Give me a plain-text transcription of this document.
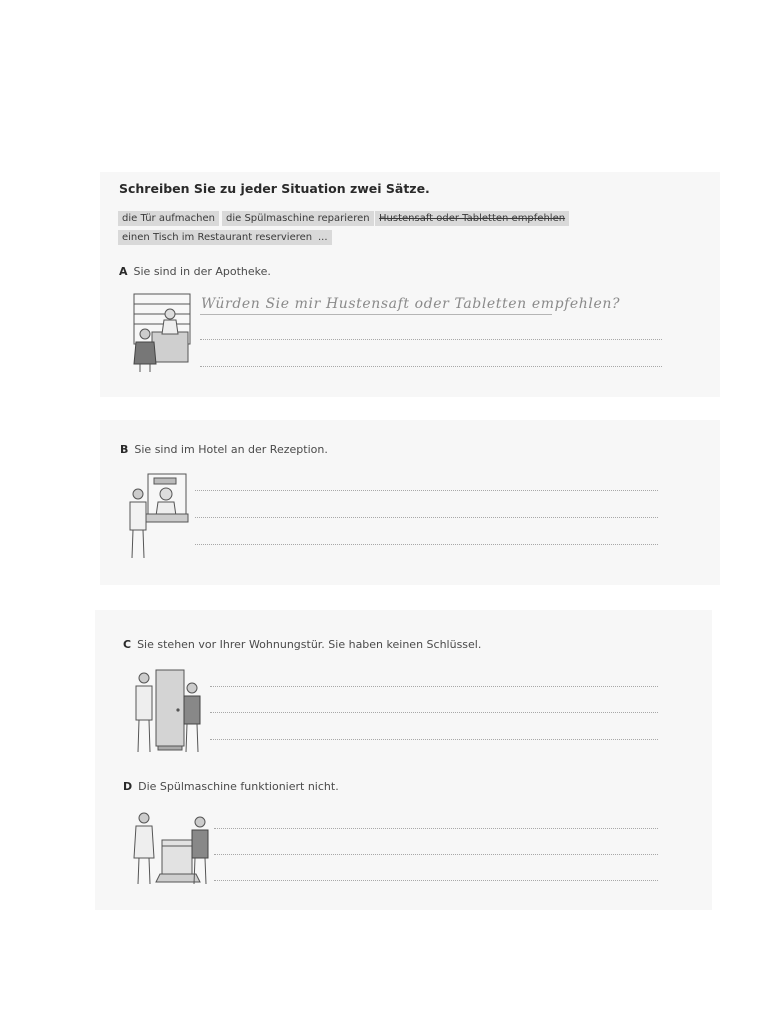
Schreiben Sie zu jeder Situation zwei Sätze.
die Tür aufmachen	die Spülmaschine reparieren Hustensaft oder Tabletten empfehlen
einen Tisch im Restaurant reservieren ...
A Sie sind in der Apotheke.
Würden Sie mir Hustensaft oder Tabletten empfehlen?
B Sie sind im Hotel an der Rezeption.
C Sie stehen vor Ihrer Wohnungstür. Sie haben keinen Schlüssel.
D Die Spülmaschine funktioniert nicht.
